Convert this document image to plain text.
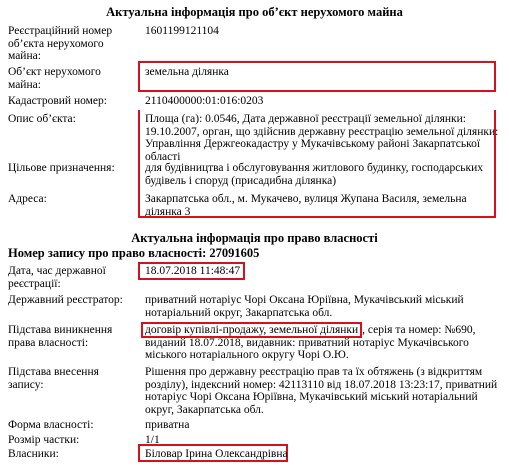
Актуальна інформація про об’єкт нерухомого майна
Реєстраційний номер об’єкта нерухомого майна:
1601199121104
Об’єкт нерухомого майна:
земельна ділянка
Кадастровий номер:	2110400000:01:016:0203
Опис об’єкта:	Площа (га): 0.0546, Дата державної реєстрації земельної ділянки: 19.10.2007, орган, що здійснив державну реєстрацію земельної ділянки: Управління Держгеокадастру у Мукачівському районі Закарпатської області
Цільове призначення:	для будівництва і обслуговування житлового будинку, господарських будівель і споруд (присадибна ділянка)
Адреса:	Закарпатська обл., м. Мукачево, вулиця Жупана Василя, земельна ділянка 3
Актуальна інформація про право власності
Номер запису про право власності: 27091605
Дата, час державної реєстрації:
18.07.2018 11:48:47
Державний реєстратор:	приватний нотаріус Чорі Оксана Юріївна, Мукачівський міський нотаріальний округ, Закарпатська обл.
Підстава виникнення права власності:
договір купівлі-продажу, земельної ділянки , серія та номер: №690, виданий 18.07.2018, видавник: приватний нотаріус Мукачівського міського нотаріального округу Чорі О.Ю.
Підстава внесення запису:
Рішення про державну реєстрацію прав та їх обтяжень (з відкриттям розділу), індексний номер: 42113110 від 18.07.2018 13:23:17, приватний нотаріус Чорі Оксана Юріївна, Мукачівський міський нотаріальний округ, Закарпатська обл.
Форма власності:	приватна
Розмір частки:	1/1
Власники:	Біловар Ірина Олександрівна
